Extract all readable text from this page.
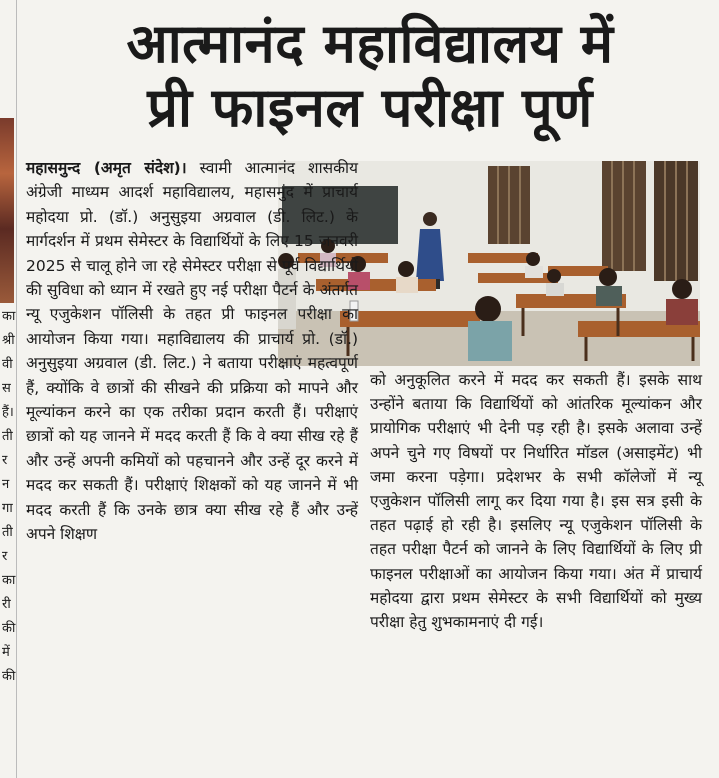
का
श्री
वी
स
हैं।
ती
र
न
गा
ती
र
का
री
की
में
की
आत्मानंद महाविद्यालय में
प्री फाइनल परीक्षा पूर्ण

महासमुन्द (अमृत संदेश)। स्वामी आत्मानंद शासकीय अंग्रेजी माध्यम आदर्श महाविद्यालय, महासमुंद में प्राचार्य महोदया प्रो. (डॉ.) अनुसुइया अग्रवाल (डी. लिट.) के मार्गदर्शन में प्रथम सेमेस्टर के विद्यार्थियों के लिए 15 जनवरी 2025 से चालू होने जा रहे सेमेस्टर परीक्षा से पूर्व विद्यार्थियों की सुविधा को ध्यान में रखते हुए नई परीक्षा पैटर्न के अंतर्गत न्यू एजुकेशन पॉलिसी के तहत प्री फाइनल परीक्षा का आयोजन किया गया। महाविद्यालय की प्राचार्य प्रो. (डॉ.) अनुसुइया अग्रवाल (डी. लिट.) ने बताया परीक्षाएं महत्वपूर्ण हैं, क्योंकि वे छात्रों की सीखने की प्रक्रिया को मापने और मूल्यांकन करने का एक तरीका प्रदान करती हैं। परीक्षाएं छात्रों को यह जानने में मदद करती हैं कि वे क्या सीख रहे हैं और उन्हें अपनी कमियों को पहचानने और उन्हें दूर करने में मदद कर सकती हैं। परीक्षाएं शिक्षकों को यह जानने में भी मदद करती हैं कि उनके छात्र क्या सीख रहे हैं और उन्हें अपने शिक्षण

को अनुकूलित करने में मदद कर सकती हैं। इसके साथ उन्होंने बताया कि विद्यार्थियों को आंतरिक मूल्यांकन और प्रायोगिक परीक्षाएं भी देनी पड़ रही है। इसके अलावा उन्हें अपने चुने गए विषयों पर निर्धारित मॉडल (असाइमेंट) भी जमा करना पड़ेगा। प्रदेशभर के सभी कॉलेजों में न्यू एजुकेशन पॉलिसी लागू कर दिया गया है। इस सत्र इसी के तहत पढ़ाई हो रही है। इसलिए न्यू एजुकेशन पॉलिसी के तहत परीक्षा पैटर्न को जानने के लिए विद्यार्थियों के लिए प्री फाइनल परीक्षाओं का आयोजन किया गया। अंत में प्राचार्य महोदया द्वारा प्रथम सेमेस्टर के सभी विद्यार्थियों को मुख्य परीक्षा हेतु शुभकामनाएं दी गई।
